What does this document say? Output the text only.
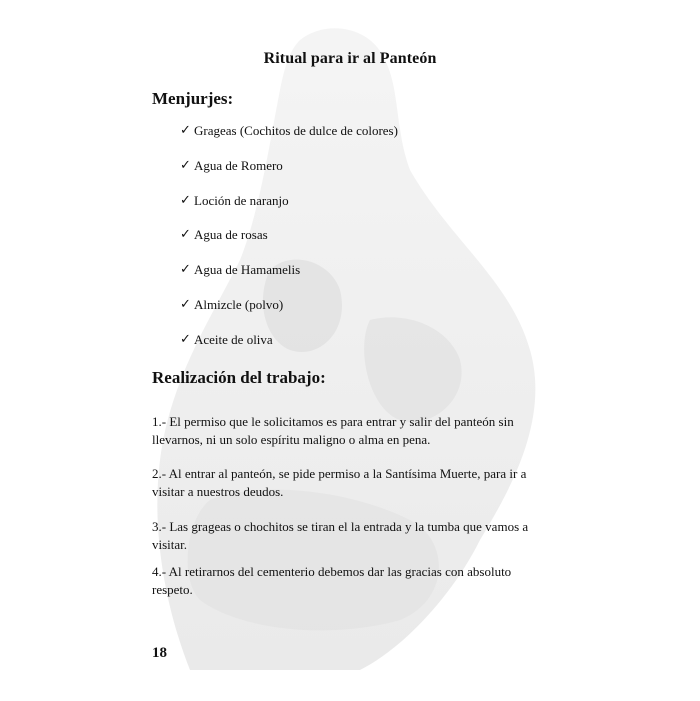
Ritual para ir al Panteón
Menjurjes:
✓ Grageas (Cochitos de dulce de colores)
✓ Agua de Romero
✓ Loción de naranjo
✓ Agua de rosas
✓ Agua de Hamamelis
✓ Almizcle (polvo)
✓ Aceite de oliva
Realización del trabajo:

1.- El permiso que le solicitamos es para entrar y salir del panteón sin llevarnos, ni un solo espíritu maligno o alma en pena.

2.- Al entrar al panteón, se pide permiso a la Santísima Muerte, para ir a visitar a nuestros deudos.

3.- Las grageas o chochitos se tiran el la entrada y la tumba que vamos a visitar.

4.- Al retirarnos del cementerio debemos dar las gracias con absoluto respeto.

18
